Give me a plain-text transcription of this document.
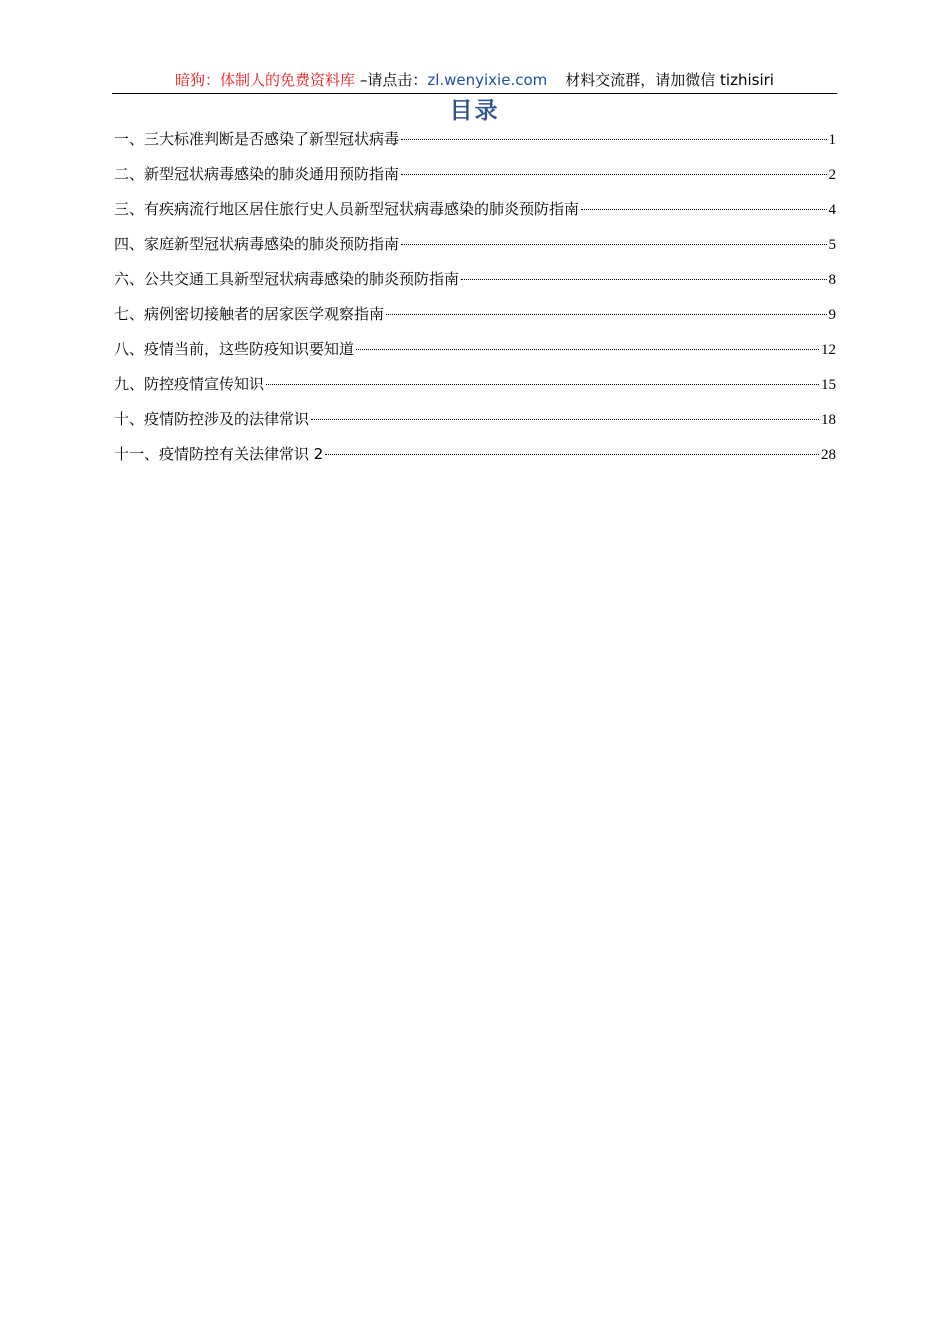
暗狗：体制人的免费资料库 –请点击：zl.wenyixie.com 材料交流群，请加微信 tizhisiri
目录
一、三大标准判断是否感染了新型冠状病毒	1
二、新型冠状病毒感染的肺炎通用预防指南	2
三、有疾病流行地区居住旅行史人员新型冠状病毒感染的肺炎预防指南	4
四、家庭新型冠状病毒感染的肺炎预防指南	5
六、公共交通工具新型冠状病毒感染的肺炎预防指南	8
七、病例密切接触者的居家医学观察指南	9
八、疫情当前，这些防疫知识要知道	12
九、防控疫情宣传知识	15
十、疫情防控涉及的法律常识	18
十一、疫情防控有关法律常识 2	28
